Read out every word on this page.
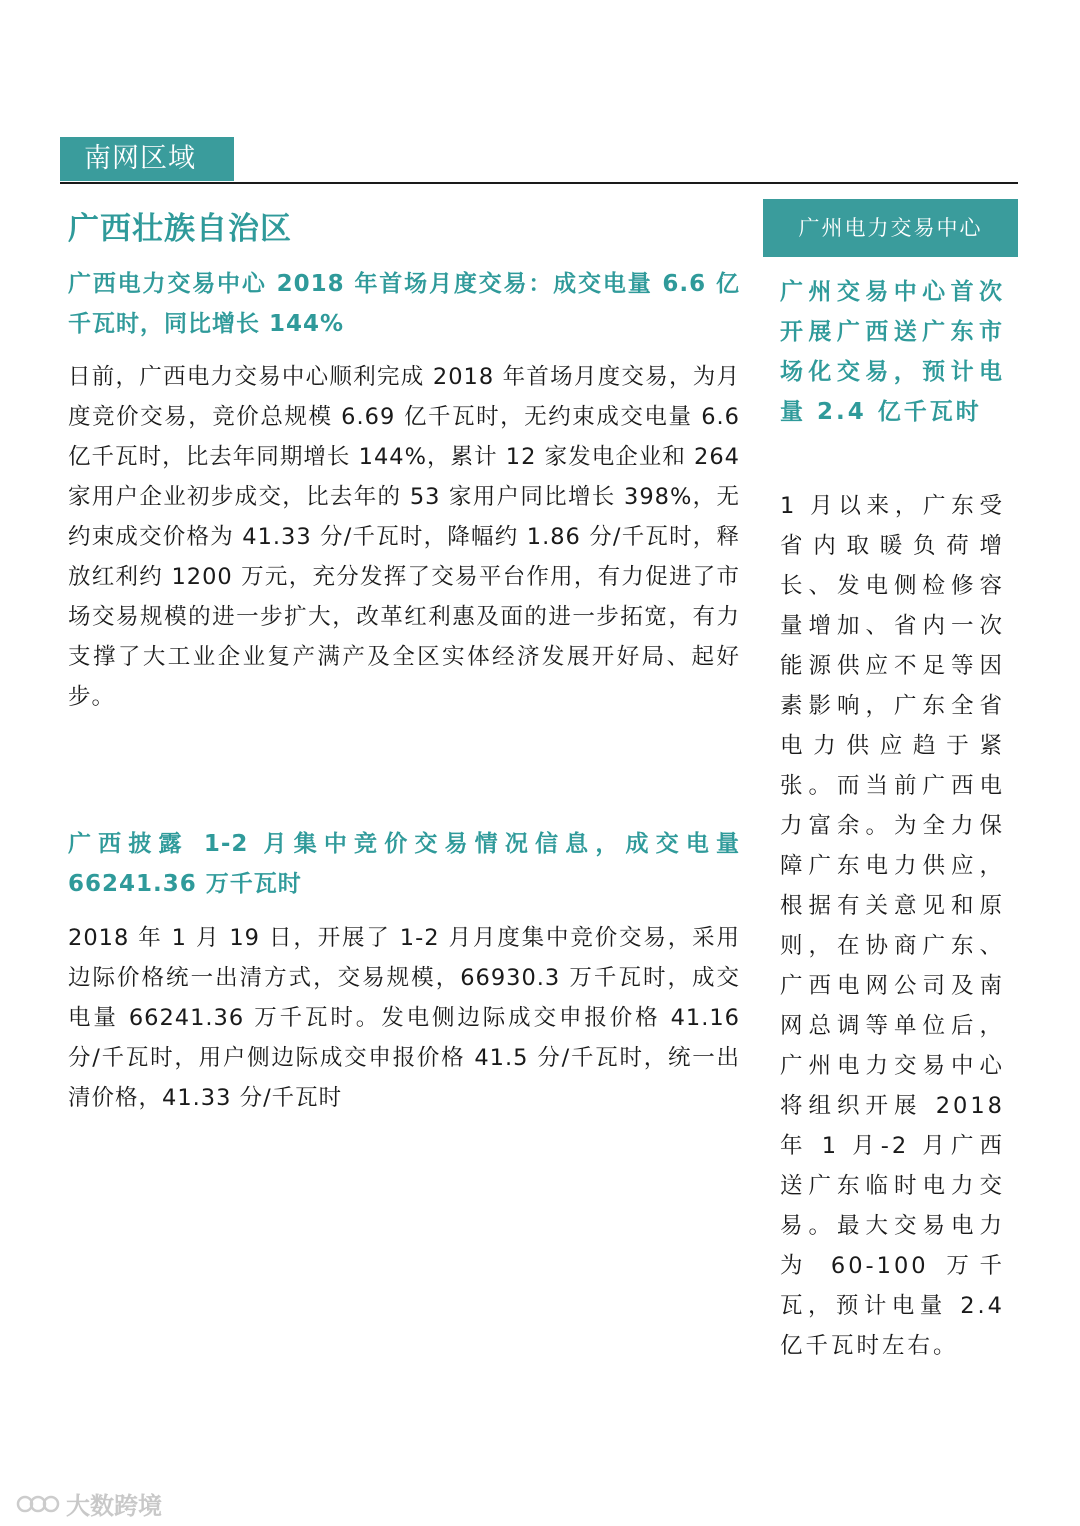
南网区域
广西壮族自治区
广西电力交易中心 2018 年首场月度交易：成交电量 6.6 亿千瓦时，同比增长 144%
日前，广西电力交易中心顺利完成 2018 年首场月度交易，为月度竞价交易，竞价总规模 6.69 亿千瓦时，无约束成交电量 6.6 亿千瓦时，比去年同期增长 144%，累计 12 家发电企业和 264 家用户企业初步成交，比去年的 53 家用户同比增长 398%，无约束成交价格为 41.33 分/千瓦时，降幅约 1.86 分/千瓦时，释放红利约 1200 万元，充分发挥了交易平台作用，有力促进了市场交易规模的进一步扩大，改革红利惠及面的进一步拓宽，有力支撑了大工业企业复产满产及全区实体经济发展开好局、起好步。
广西披露 1-2 月集中竞价交易情况信息，成交电量 66241.36 万千瓦时
2018 年 1 月 19 日，开展了 1-2 月月度集中竞价交易，采用边际价格统一出清方式，交易规模，66930.3 万千瓦时，成交电量 66241.36 万千瓦时。发电侧边际成交申报价格 41.16 分/千瓦时，用户侧边际成交申报价格 41.5 分/千瓦时，统一出清价格，41.33 分/千瓦时
广州电力交易中心
广州交易中心首次开展广西送广东市场化交易，预计电量 2.4 亿千瓦时
1 月以来，广东受省内取暖负荷增长、发电侧检修容量增加、省内一次能源供应不足等因素影响，广东全省电力供应趋于紧张。而当前广西电力富余。为全力保障广东电力供应，根据有关意见和原则，在协商广东、广西电网公司及南网总调等单位后，广州电力交易中心将组织开展 2018 年 1 月-2 月广西送广东临时电力交易。最大交易电力为 60-100 万千瓦，预计电量 2.4 亿千瓦时左右。
大数跨境
